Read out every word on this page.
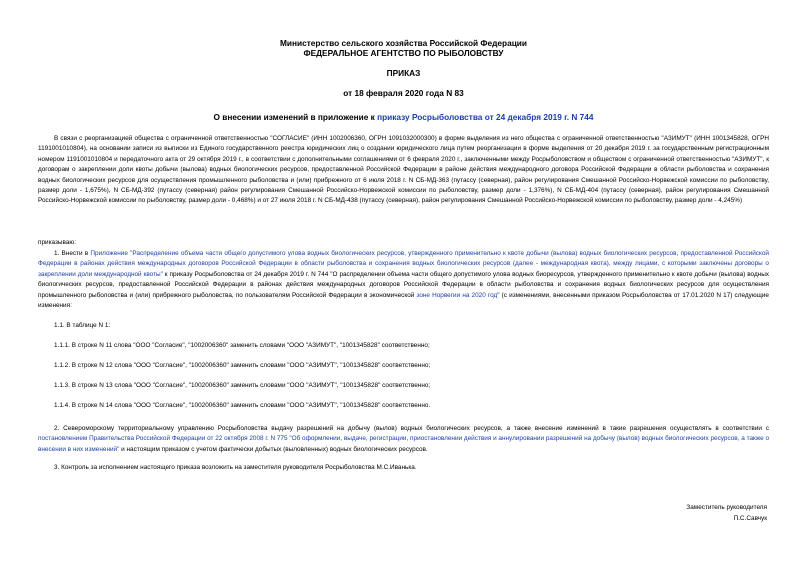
Министерство сельского хозяйства Российской Федерации
ФЕДЕРАЛЬНОЕ АГЕНТСТВО ПО РЫБОЛОВСТВУ
ПРИКАЗ
от 18 февраля 2020 года N 83
О внесении изменений в приложение к приказу Росрыболовства от 24 декабря 2019 г. N 744
В связи с реорганизацией общества с ограниченной ответственностью "СОГЛАСИЕ" (ИНН 1002006360, ОГРН 1091032000300) в форме выделения из него общества с ограниченной ответственностью "АЗИМУТ" (ИНН 1001345828, ОГРН 1191001010804), на основании записи из выписки из Единого государственного реестра юридических лиц о создании юридического лица путем реорганизации в форме выделения от 20 декабря 2019 г. за государственным регистрационным номером 1191001010804 и передаточного акта от 29 октября 2019 г., в соответствии с дополнительными соглашениями от 6 февраля 2020 г., заключенными между Росрыболовством и обществом с ограниченной ответственностью "АЗИМУТ", к договорам о закреплении доли квоты добычи (вылова) водных биологических ресурсов, предоставленной Российской Федерации в районе действия международного договора Российской Федерации в области рыболовства и сохранения водных биологических ресурсов для осуществления промышленного рыболовства и (или) прибрежного от 6 июля 2018 г. N СБ-МД-363 (путассу (северная), район регулирования Смешанной Российско-Норвежской комиссии по рыболовству, размер доли - 1,675%), N СБ-МД-392 (путассу (северная) район регулирования Смешанной Российско-Норвежской комиссии по рыболовству, размер доли - 1,376%), N СБ-МД-404 (путассу (северная), район регулирования Смешанной Российско-Норвежской комиссии по рыболовству, размер доли - 0,468%) и от 27 июля 2018 г. N СБ-МД-438 (путассу (северная), район регулирования Смешанной Российско-Норвежской комиссии по рыболовству, размер доли - 4,245%)
приказываю:
1. Внести в Приложение "Распределение объема части общего допустимого улова водных биологических ресурсов, утвержденного применительно к квоте добычи (вылова) водных биологических ресурсов, предоставленной Российской Федерации в районах действия международных договоров Российской Федерации в области рыболовства и сохранения водных биологических ресурсов (далее - международная квота), между лицами, с которыми заключены договоры о закреплении доли международной квоты" к приказу Росрыболовства от 24 декабря 2019 г. N 744 "О распределении объема части общего допустимого улова водных биоресурсов, утвержденного применительно к квоте добычи (вылова) водных биологических ресурсов, предоставленной Российской Федерации в районах действия международных договоров Российской Федерации в области рыболовства и сохранения водных биологических ресурсов для осуществления промышленного рыболовства и (или) прибрежного рыболовства, по пользователям Российской Федерации в экономической зоне Норвегии на 2020 год" (с изменениями, внесенными приказом Росрыболовства от 17.01.2020 N 17) следующие изменения:
1.1. В таблице N 1:
1.1.1. В строке N 11 слова "ООО "Согласие", "1002006360" заменить словами "ООО "АЗИМУТ", "1001345828" соответственно;
1.1.2. В строке N 12 слова "ООО "Согласие", "1002006360" заменить словами "ООО "АЗИМУТ", "1001345828" соответственно;
1.1.3. В строке N 13 слова "ООО "Согласие", "1002006360" заменить словами "ООО "АЗИМУТ", "1001345828" соответственно;
1.1.4. В строке N 14 слова "ООО "Согласие", "1002006360" заменить словами "ООО "АЗИМУТ", "1001345828" соответственно.
2. Североморскому территориальному управлению Росрыболовства выдачу разрешений на добычу (вылов) водных биологических ресурсов, а также внесение изменений в такие разрешения осуществлять в соответствии с постановлением Правительства Российской Федерации от 22 октября 2008 г. N 775 "Об оформлении, выдаче, регистрации, приостановлении действия и аннулировании разрешений на добычу (вылов) водных биологических ресурсов, а также о внесении в них изменений" и настоящим приказом с учетом фактически добытых (выловленных) водных биологических ресурсов.
3. Контроль за исполнением настоящего приказа возложить на заместителя руководителя Росрыболовства М.С.Иванька.
Заместитель руководителя
П.С.Савчук
